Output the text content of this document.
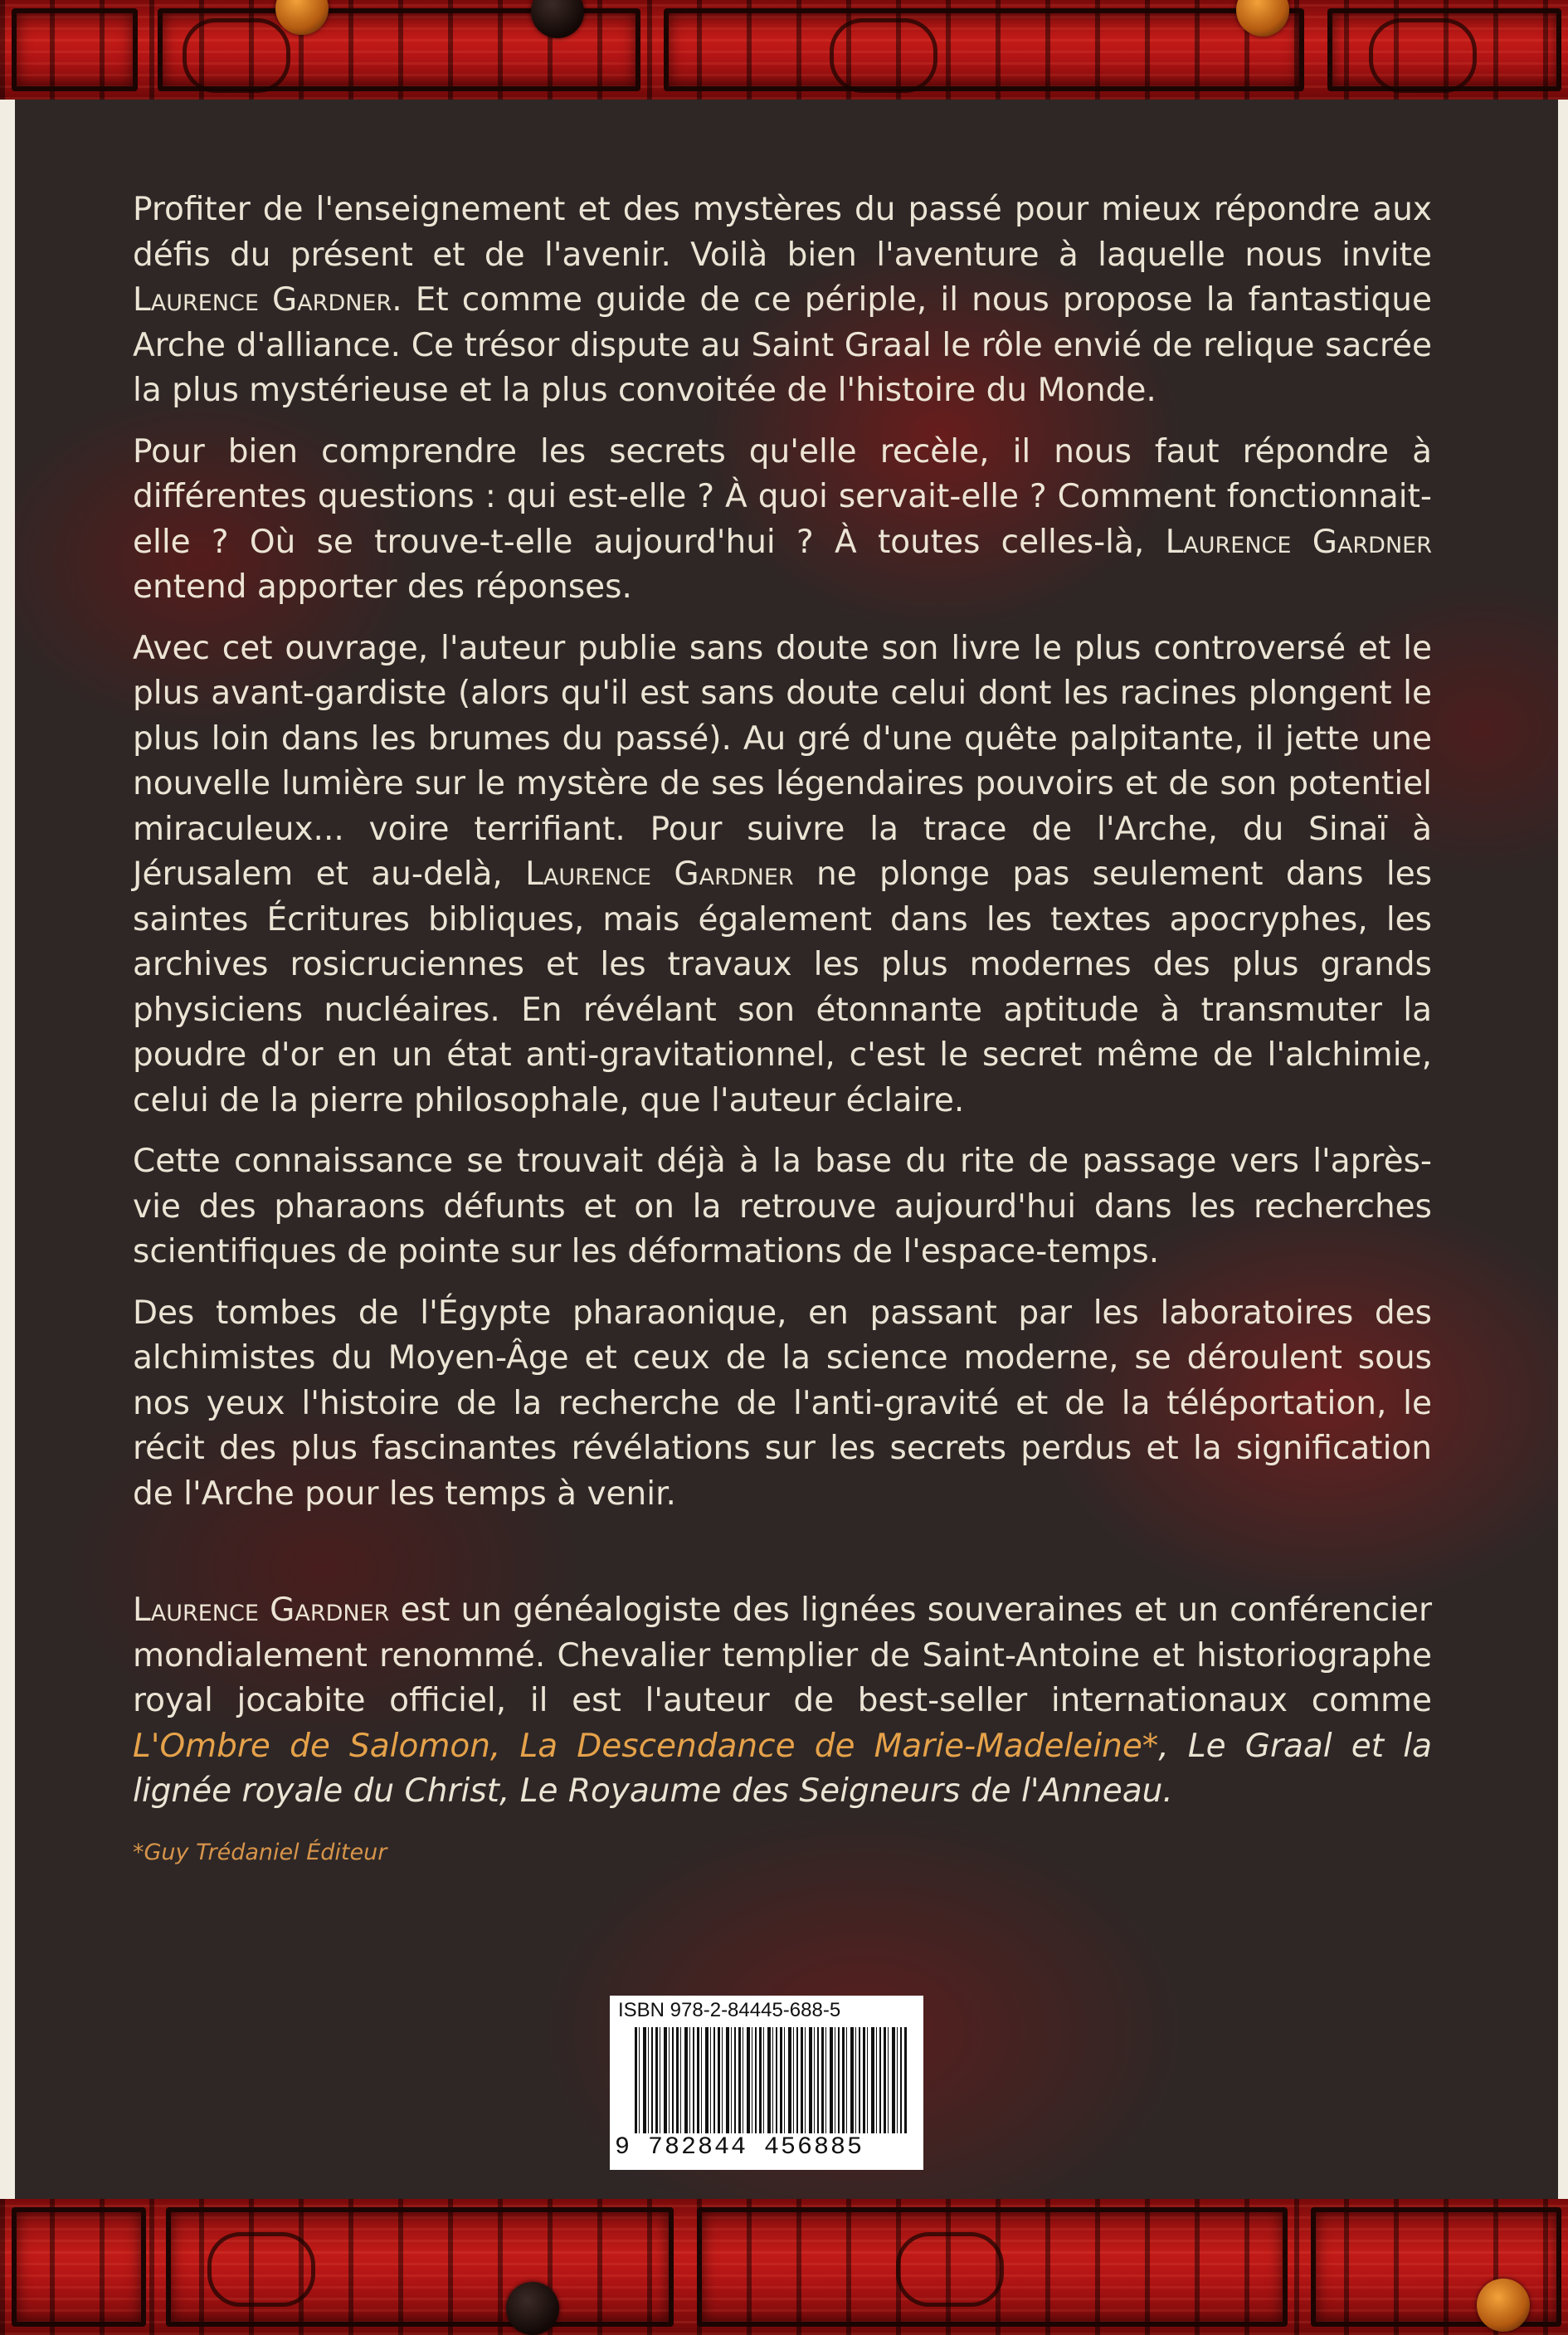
Profiter de l'enseignement et des mystères du passé pour mieux répondre aux défis du présent et de l'avenir. Voilà bien l'aventure à laquelle nous invite Laurence Gardner. Et comme guide de ce périple, il nous propose la fantastique Arche d'alliance. Ce trésor dispute au Saint Graal le rôle envié de relique sacrée la plus mystérieuse et la plus convoitée de l'histoire du Monde.

Pour bien comprendre les secrets qu'elle recèle, il nous faut répondre à différentes questions : qui est-elle ? À quoi servait-elle ? Comment fonctionnait-elle ? Où se trouve-t-elle aujourd'hui ? À toutes celles-là, Laurence Gardner entend apporter des réponses.

Avec cet ouvrage, l'auteur publie sans doute son livre le plus controversé et le plus avant-gardiste (alors qu'il est sans doute celui dont les racines plongent le plus loin dans les brumes du passé). Au gré d'une quête palpitante, il jette une nouvelle lumière sur le mystère de ses légendaires pouvoirs et de son potentiel miraculeux... voire terrifiant. Pour suivre la trace de l'Arche, du Sinaï à Jérusalem et au-delà, Laurence Gardner ne plonge pas seulement dans les saintes Écritures bibliques, mais également dans les textes apocryphes, les archives rosicruciennes et les travaux les plus modernes des plus grands physiciens nucléaires. En révélant son étonnante aptitude à transmuter la poudre d'or en un état anti-gravitationnel, c'est le secret même de l'alchimie, celui de la pierre philosophale, que l'auteur éclaire.

Cette connaissance se trouvait déjà à la base du rite de passage vers l'après-vie des pharaons défunts et on la retrouve aujourd'hui dans les recherches scientifiques de pointe sur les déformations de l'espace-temps.

Des tombes de l'Égypte pharaonique, en passant par les laboratoires des alchimistes du Moyen-Âge et ceux de la science moderne, se déroulent sous nos yeux l'histoire de la recherche de l'anti-gravité et de la téléportation, le récit des plus fascinantes révélations sur les secrets perdus et la signification de l'Arche pour les temps à venir.

Laurence Gardner est un généalogiste des lignées souveraines et un conférencier mondialement renommé. Chevalier templier de Saint-Antoine et historiographe royal jocabite officiel, il est l'auteur de best-seller internationaux comme L'Ombre de Salomon, La Descendance de Marie-Madeleine*, Le Graal et la lignée royale du Christ, Le Royaume des Seigneurs de l'Anneau.

*Guy Trédaniel Éditeur
ISBN 978-2-84445-688-5
9 782844 456885
